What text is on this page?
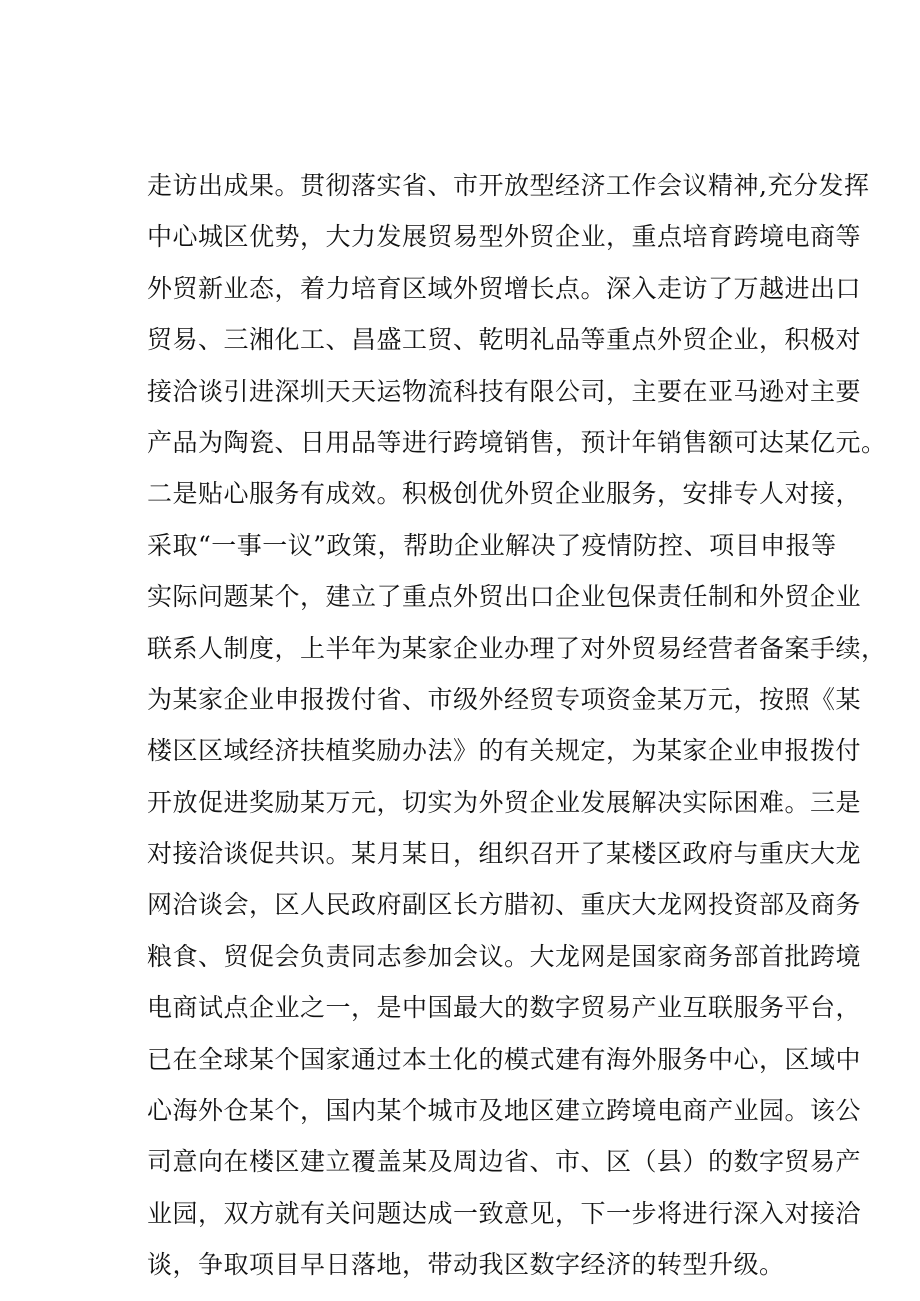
走访出成果。贯彻落实省、市开放型经济工作会议精神,充分发挥
中心城区优势，大力发展贸易型外贸企业，重点培育跨境电商等
外贸新业态，着力培育区域外贸增长点。深入走访了万越进出口
贸易、三湘化工、昌盛工贸、乾明礼品等重点外贸企业，积极对
接洽谈引进深圳天天运物流科技有限公司，主要在亚马逊对主要
产品为陶瓷、日用品等进行跨境销售，预计年销售额可达某亿元。
二是贴心服务有成效。积极创优外贸企业服务，安排专人对接，
采取“一事一议”政策，帮助企业解决了疫情防控、项目申报等
实际问题某个，建立了重点外贸出口企业包保责任制和外贸企业
联系人制度，上半年为某家企业办理了对外贸易经营者备案手续，
为某家企业申报拨付省、市级外经贸专项资金某万元，按照《某
楼区区域经济扶植奖励办法》的有关规定，为某家企业申报拨付
开放促进奖励某万元，切实为外贸企业发展解决实际困难。三是
对接洽谈促共识。某月某日，组织召开了某楼区政府与重庆大龙
网洽谈会，区人民政府副区长方腊初、重庆大龙网投资部及商务
粮食、贸促会负责同志参加会议。大龙网是国家商务部首批跨境
电商试点企业之一，是中国最大的数字贸易产业互联服务平台，
已在全球某个国家通过本土化的模式建有海外服务中心，区域中
心海外仓某个，国内某个城市及地区建立跨境电商产业园。该公
司意向在楼区建立覆盖某及周边省、市、区（县）的数字贸易产
业园，双方就有关问题达成一致意见，下一步将进行深入对接洽
谈，争取项目早日落地，带动我区数字经济的转型升级。
